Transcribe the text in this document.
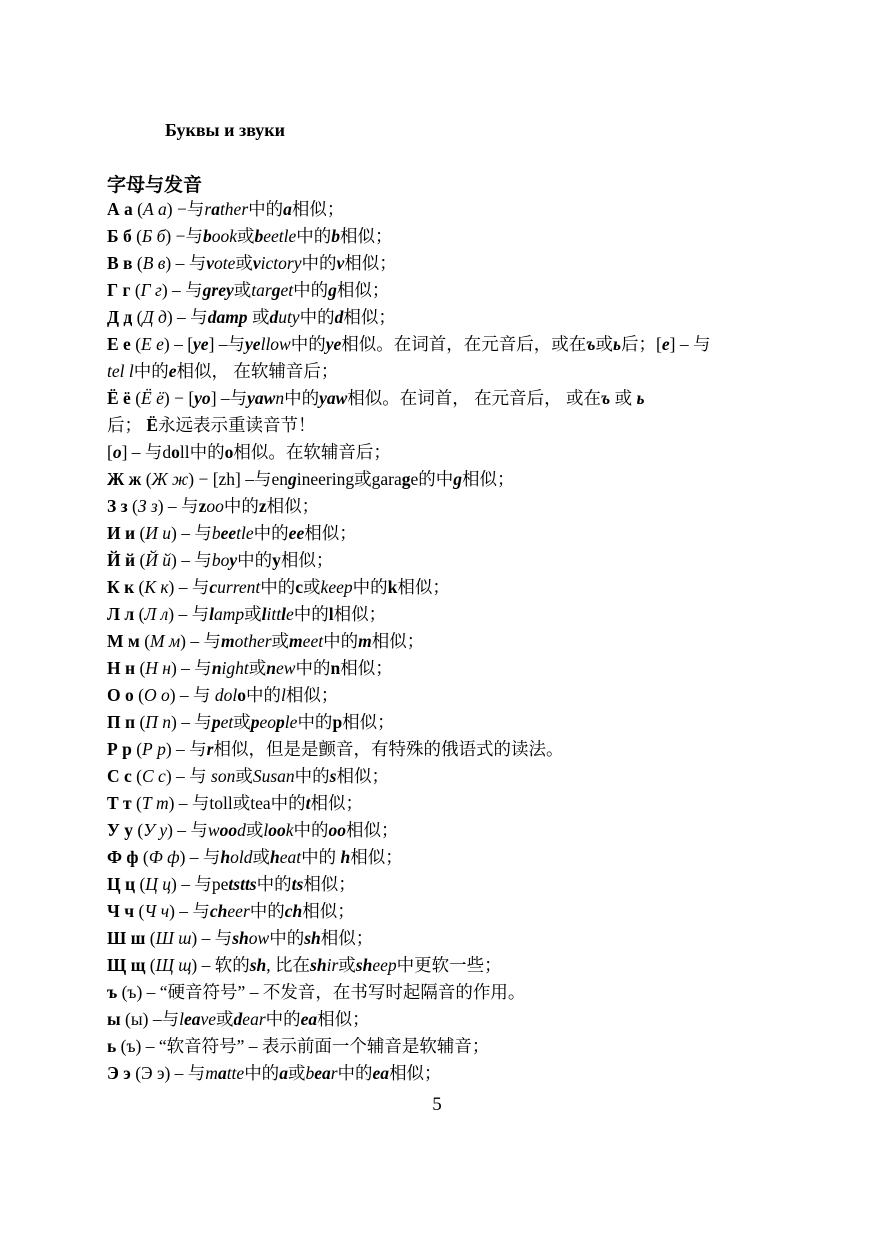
Буквы и звуки
字母与发音
А а (А а) −与rather中的a相似；
Б б (Б б) −与book或beetle中的b相似；
В в (В в) – 与vote或victory中的v相似；
Г г (Г г) – 与grey或target中的g相似；
Д д (Д д) – 与damp 或duty中的d相似；
Е е (Е е) – [ye] –与yellow中的ye相似。在词首，在元音后，或在ъ或ь后；[e] – 与
tel l中的e相似， 在软辅音后；
Ё ё (Ё ё) − [yo] –与yawn中的yaw相似。在词首， 在元音后， 或在ъ 或 ь
后； Ё永远表示重读音节！
[o] – 与doll中的o相似。在软辅音后；
Ж ж (Ж ж) − [zh] –与engineering或garage的中g相似；
З з (З з) – 与zoo中的z相似；
И и (И и) – 与beetle中的ee相似；
Й й (Й й) – 与boy中的y相似；
К к (К к) – 与current中的c或keep中的k相似；
Л л (Л л) – 与lamp或little中的l相似；
М м (М м) – 与mother或meet中的m相似；
Н н (Н н) – 与night或new中的n相似；
О о (О о) – 与 dolo中的l相似；
П п (П п) – 与pet或people中的p相似；
Р р (Р р) – 与r相似，但是是颤音，有特殊的俄语式的读法。
С с (С с) – 与 son或Susan中的s相似；
Т т (Т т) – 与toll或tea中的t相似；
У у (У у) – 与wood或look中的oo相似；
Ф ф (Ф ф) – 与hold或heat中的 h相似；
Ц ц (Ц ц) – 与petstts中的ts相似；
Ч ч (Ч ч) – 与cheer中的ch相似；
Ш ш (Ш ш) – 与show中的sh相似；
Щ щ (Щ щ) – 软的sh, 比在shir或sheep中更软一些；
ъ (ъ) – “硬音符号” – 不发音，在书写时起隔音的作用。
ы (ы) –与leave或dear中的ea相似；
ь (ъ) – “软音符号” – 表示前面一个辅音是软辅音；
Э э (Э э) – 与matte中的a或bear中的ea相似；
5
